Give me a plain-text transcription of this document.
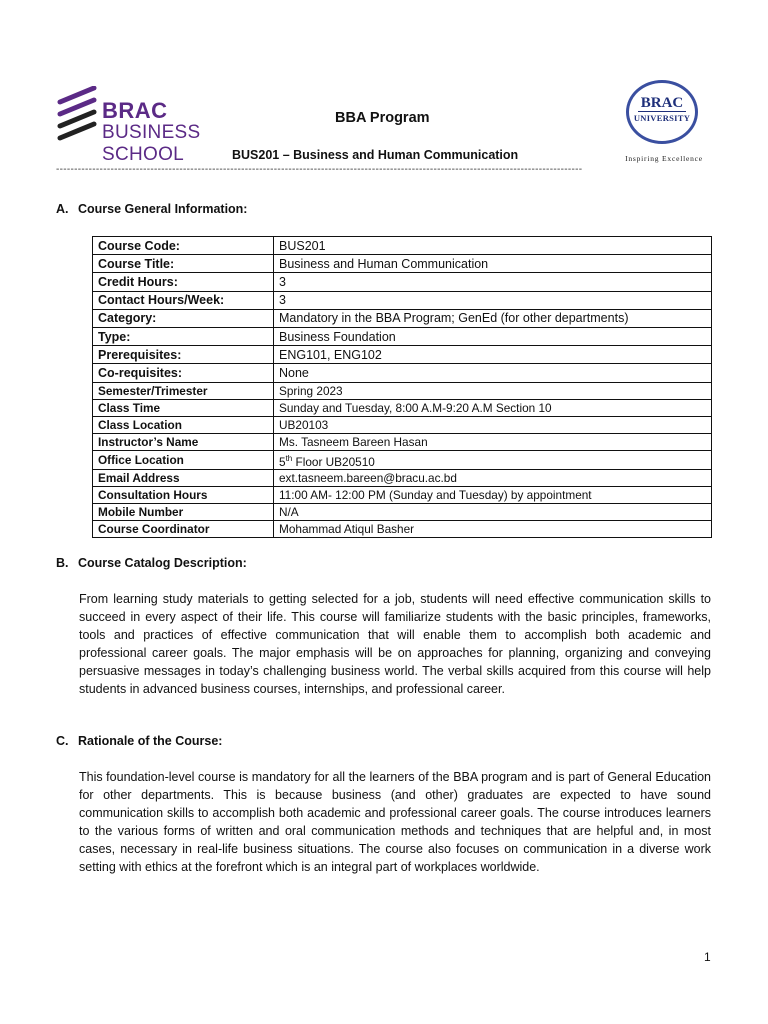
BRAC
BUSINESS
SCHOOL
BBA Program
BUS201 – Business and Human Communication
BRAC
UNIVERSITY
Inspiring Excellence
-------------------------------------------------------------------------------------------------------------------------------------------------
A. Course General Information:
Course Code:	BUS201
Course Title:	Business and Human Communication
Credit Hours:	3
Contact Hours/Week:	3
Category:	Mandatory in the BBA Program; GenEd (for other departments)
Type:	Business Foundation
Prerequisites:	ENG101, ENG102
Co-requisites:	None
Semester/Trimester	Spring 2023
Class Time	Sunday and Tuesday, 8:00 A.M-9:20 A.M Section 10
Class Location	UB20103
Instructor’s Name	Ms. Tasneem Bareen Hasan
Office Location	5th Floor UB20510
Email Address	ext.tasneem.bareen@bracu.ac.bd
Consultation Hours	11:00 AM- 12:00 PM (Sunday and Tuesday) by appointment
Mobile Number	N/A
Course Coordinator	Mohammad Atiqul Basher
B. Course Catalog Description:
From learning study materials to getting selected for a job, students will need effective communication skills to succeed in every aspect of their life. This course will familiarize students with the basic principles, frameworks, tools and practices of effective communication that will enable them to accomplish both academic and professional career goals. The major emphasis will be on approaches for planning, organizing and conveying persuasive messages in today’s challenging business world. The verbal skills acquired from this course will help students in advanced business courses, internships, and professional career.
C. Rationale of the Course:
This foundation-level course is mandatory for all the learners of the BBA program and is part of General Education for other departments. This is because business (and other) graduates are expected to have sound communication skills to accomplish both academic and professional career goals. The course introduces learners to the various forms of written and oral communication methods and techniques that are helpful and, in most cases, necessary in real-life business situations. The course also focuses on communication in a diverse work setting with ethics at the forefront which is an integral part of workplaces worldwide.
1
